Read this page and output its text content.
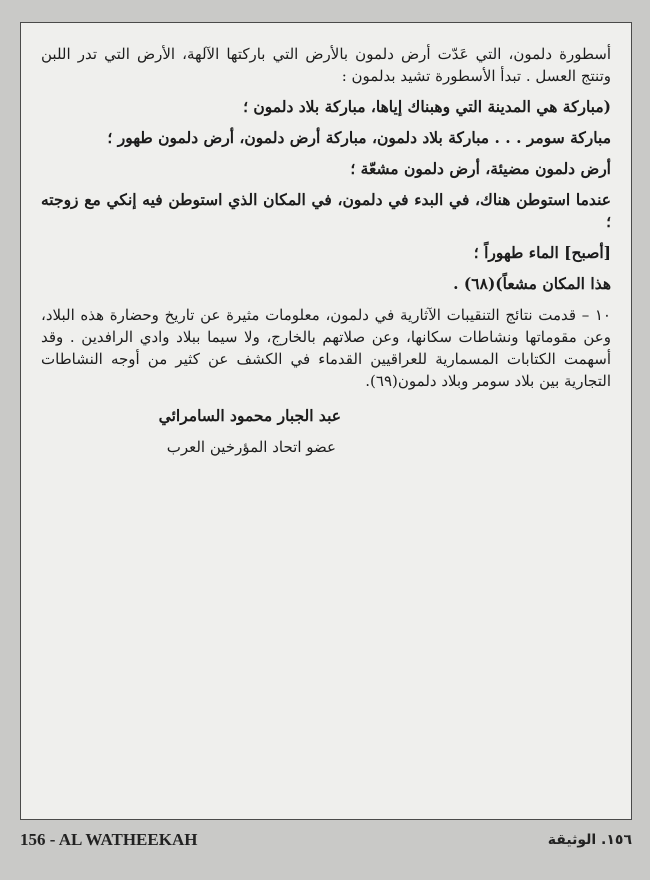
أسطورة دلمون، التي عَدّت أرض دلمون بالأرض التي باركتها الآلهة، الأرض التي تدر اللبن وتنتج العسل . تبدأ الأسطورة تشيد بدلمون :

(مباركة هي المدينة التي وهبناك إياها، مباركة بلاد دلمون ؛

مباركة سومر . . . مباركة بلاد دلمون، مباركة أرض دلمون، أرض دلمون طهور ؛

أرض دلمون مضيئة، أرض دلمون مشعّة ؛

عندما استوطن هناك، في البدء في دلمون، في المكان الذي استوطن فيه إنكي مع زوجته ؛

[أصبح] الماء طهوراً ؛

هذا المكان مشعاً)(٦٨) .

١٠ – قدمت نتائج التنقيبات الآثارية في دلمون، معلومات مثيرة عن تاريخ وحضارة هذه البلاد، وعن مقوماتها ونشاطات سكانها، وعن صلاتهم بالخارج، ولا سيما ببلاد وادي الرافدين . وقد أسهمت الكتابات المسمارية للعراقيين القدماء في الكشف عن كثير من أوجه النشاطات التجارية بين بلاد سومر وبلاد دلمون(٦٩).

عبد الجبار محمود السامرائي

عضو اتحاد المؤرخين العرب

156 - AL WATHEEKAH	١٥٦. الوثيقة
